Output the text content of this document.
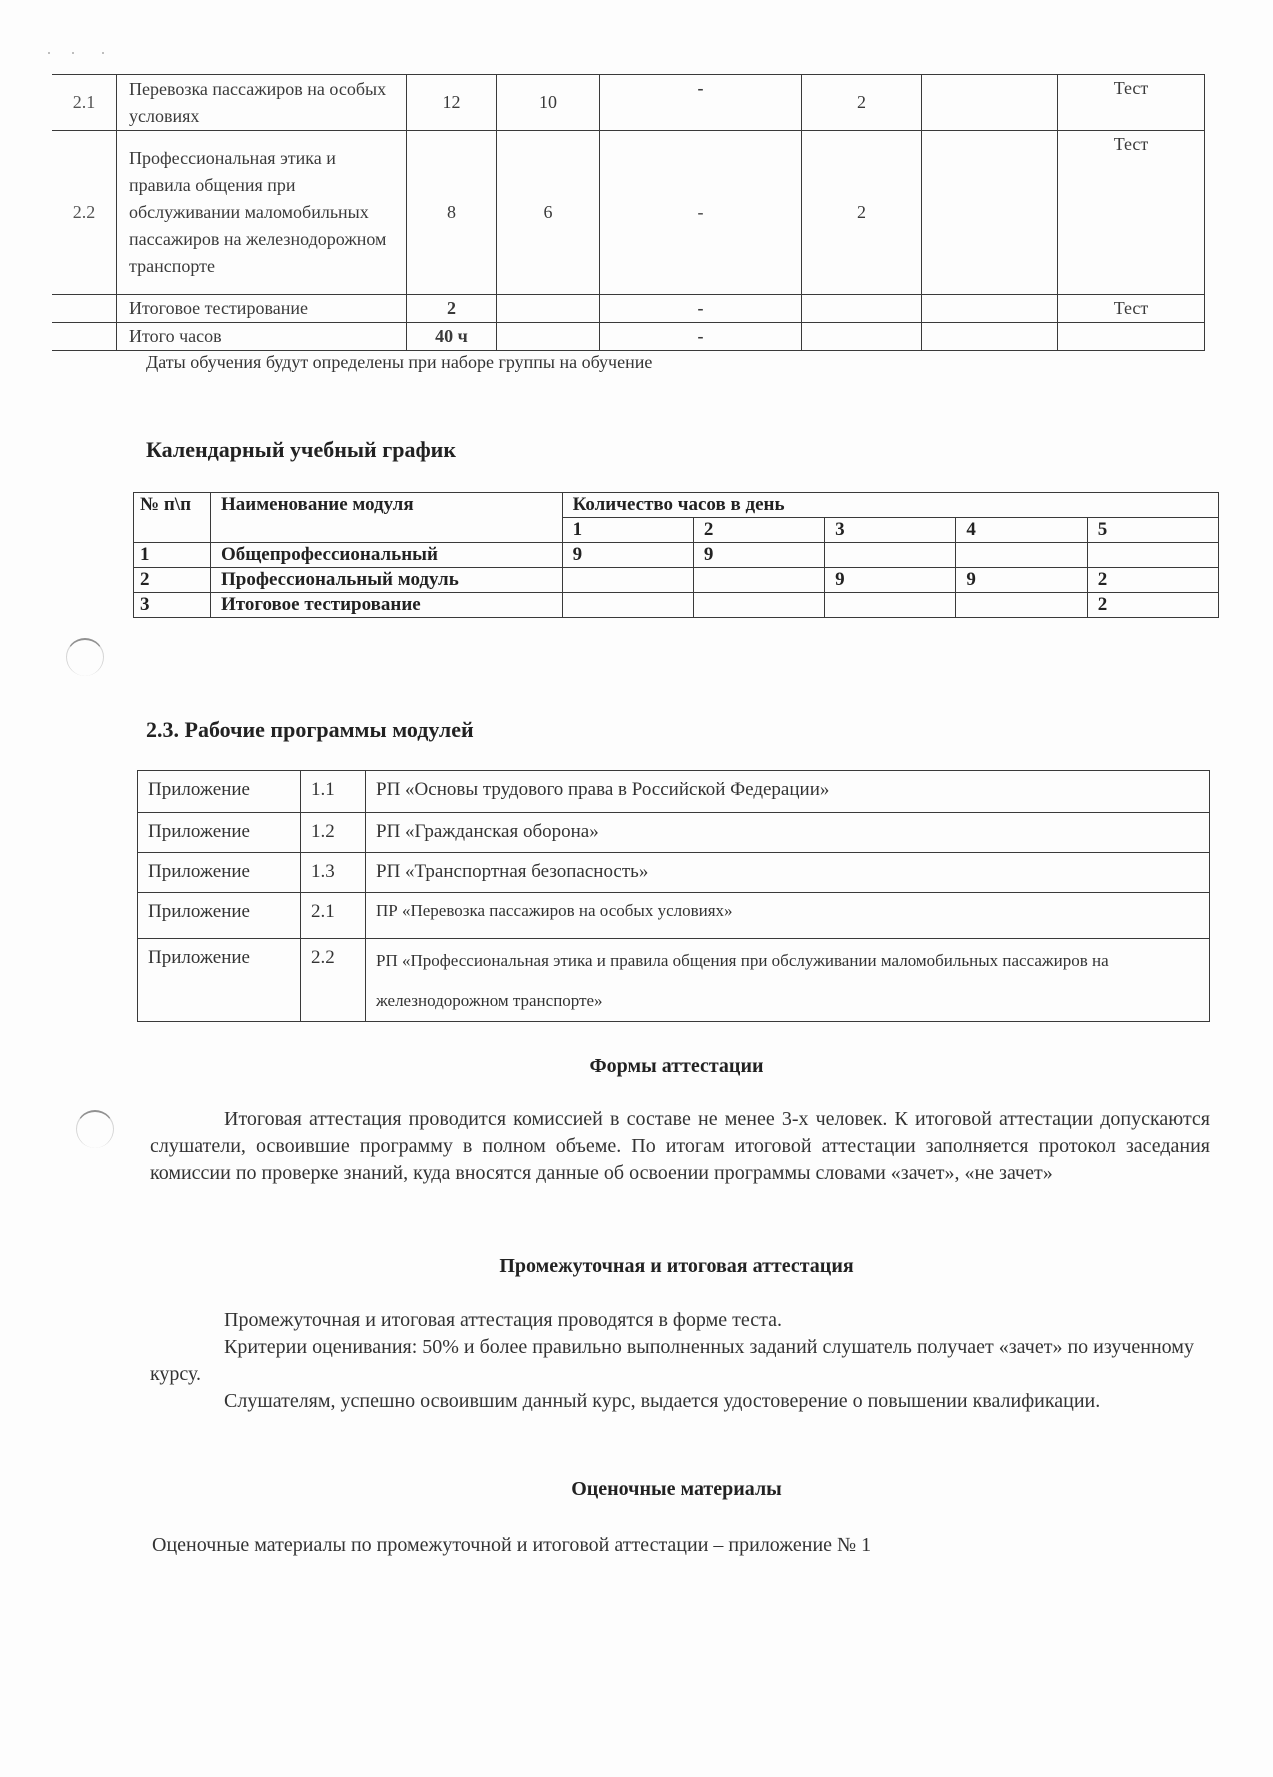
2.1	Перевозка пассажиров на особых условиях	12	10	-	2		Тест
2.2	Профессиональная этика и правила общения при обслуживании маломобильных пассажиров на железнодорожном транспорте	8	6	-	2		Тест
	Итоговое тестирование	2		-			Тест
	Итого часов	40 ч		-			
Даты обучения будут определены при наборе группы на обучение
Календарный учебный график
№ п\п	Наименование модуля	Количество часов в день				
		1	2	3	4	5
1	Общепрофессиональный	9	9			
2	Профессиональный модуль			9	9	2
3	Итоговое тестирование					2
2.3. Рабочие программы модулей
Приложение	1.1	РП «Основы трудового права в Российской Федерации»
Приложение	1.2	РП «Гражданская оборона»
Приложение	1.3	РП «Транспортная безопасность»
Приложение	2.1	ПР «Перевозка пассажиров на особых условиях»
Приложение	2.2	РП «Профессиональная этика и правила общения при обслуживании маломобильных пассажиров на железнодорожном транспорте»
Формы аттестации

Итоговая аттестация проводится комиссией в составе не менее 3-х человек. К итоговой аттестации допускаются слушатели, освоившие программу в полном объеме. По итогам итоговой аттестации заполняется протокол заседания комиссии по проверке знаний, куда вносятся данные об освоении программы словами «зачет», «не зачет»

Промежуточная и итоговая аттестация

Промежуточная и итоговая аттестация проводятся в форме теста.

Критерии оценивания: 50% и более правильно выполненных заданий слушатель получает «зачет» по изученному курсу.

Слушателям, успешно освоившим данный курс, выдается удостоверение о повышении квалификации.

Оценочные материалы
Оценочные материалы по промежуточной и итоговой аттестации – приложение № 1
